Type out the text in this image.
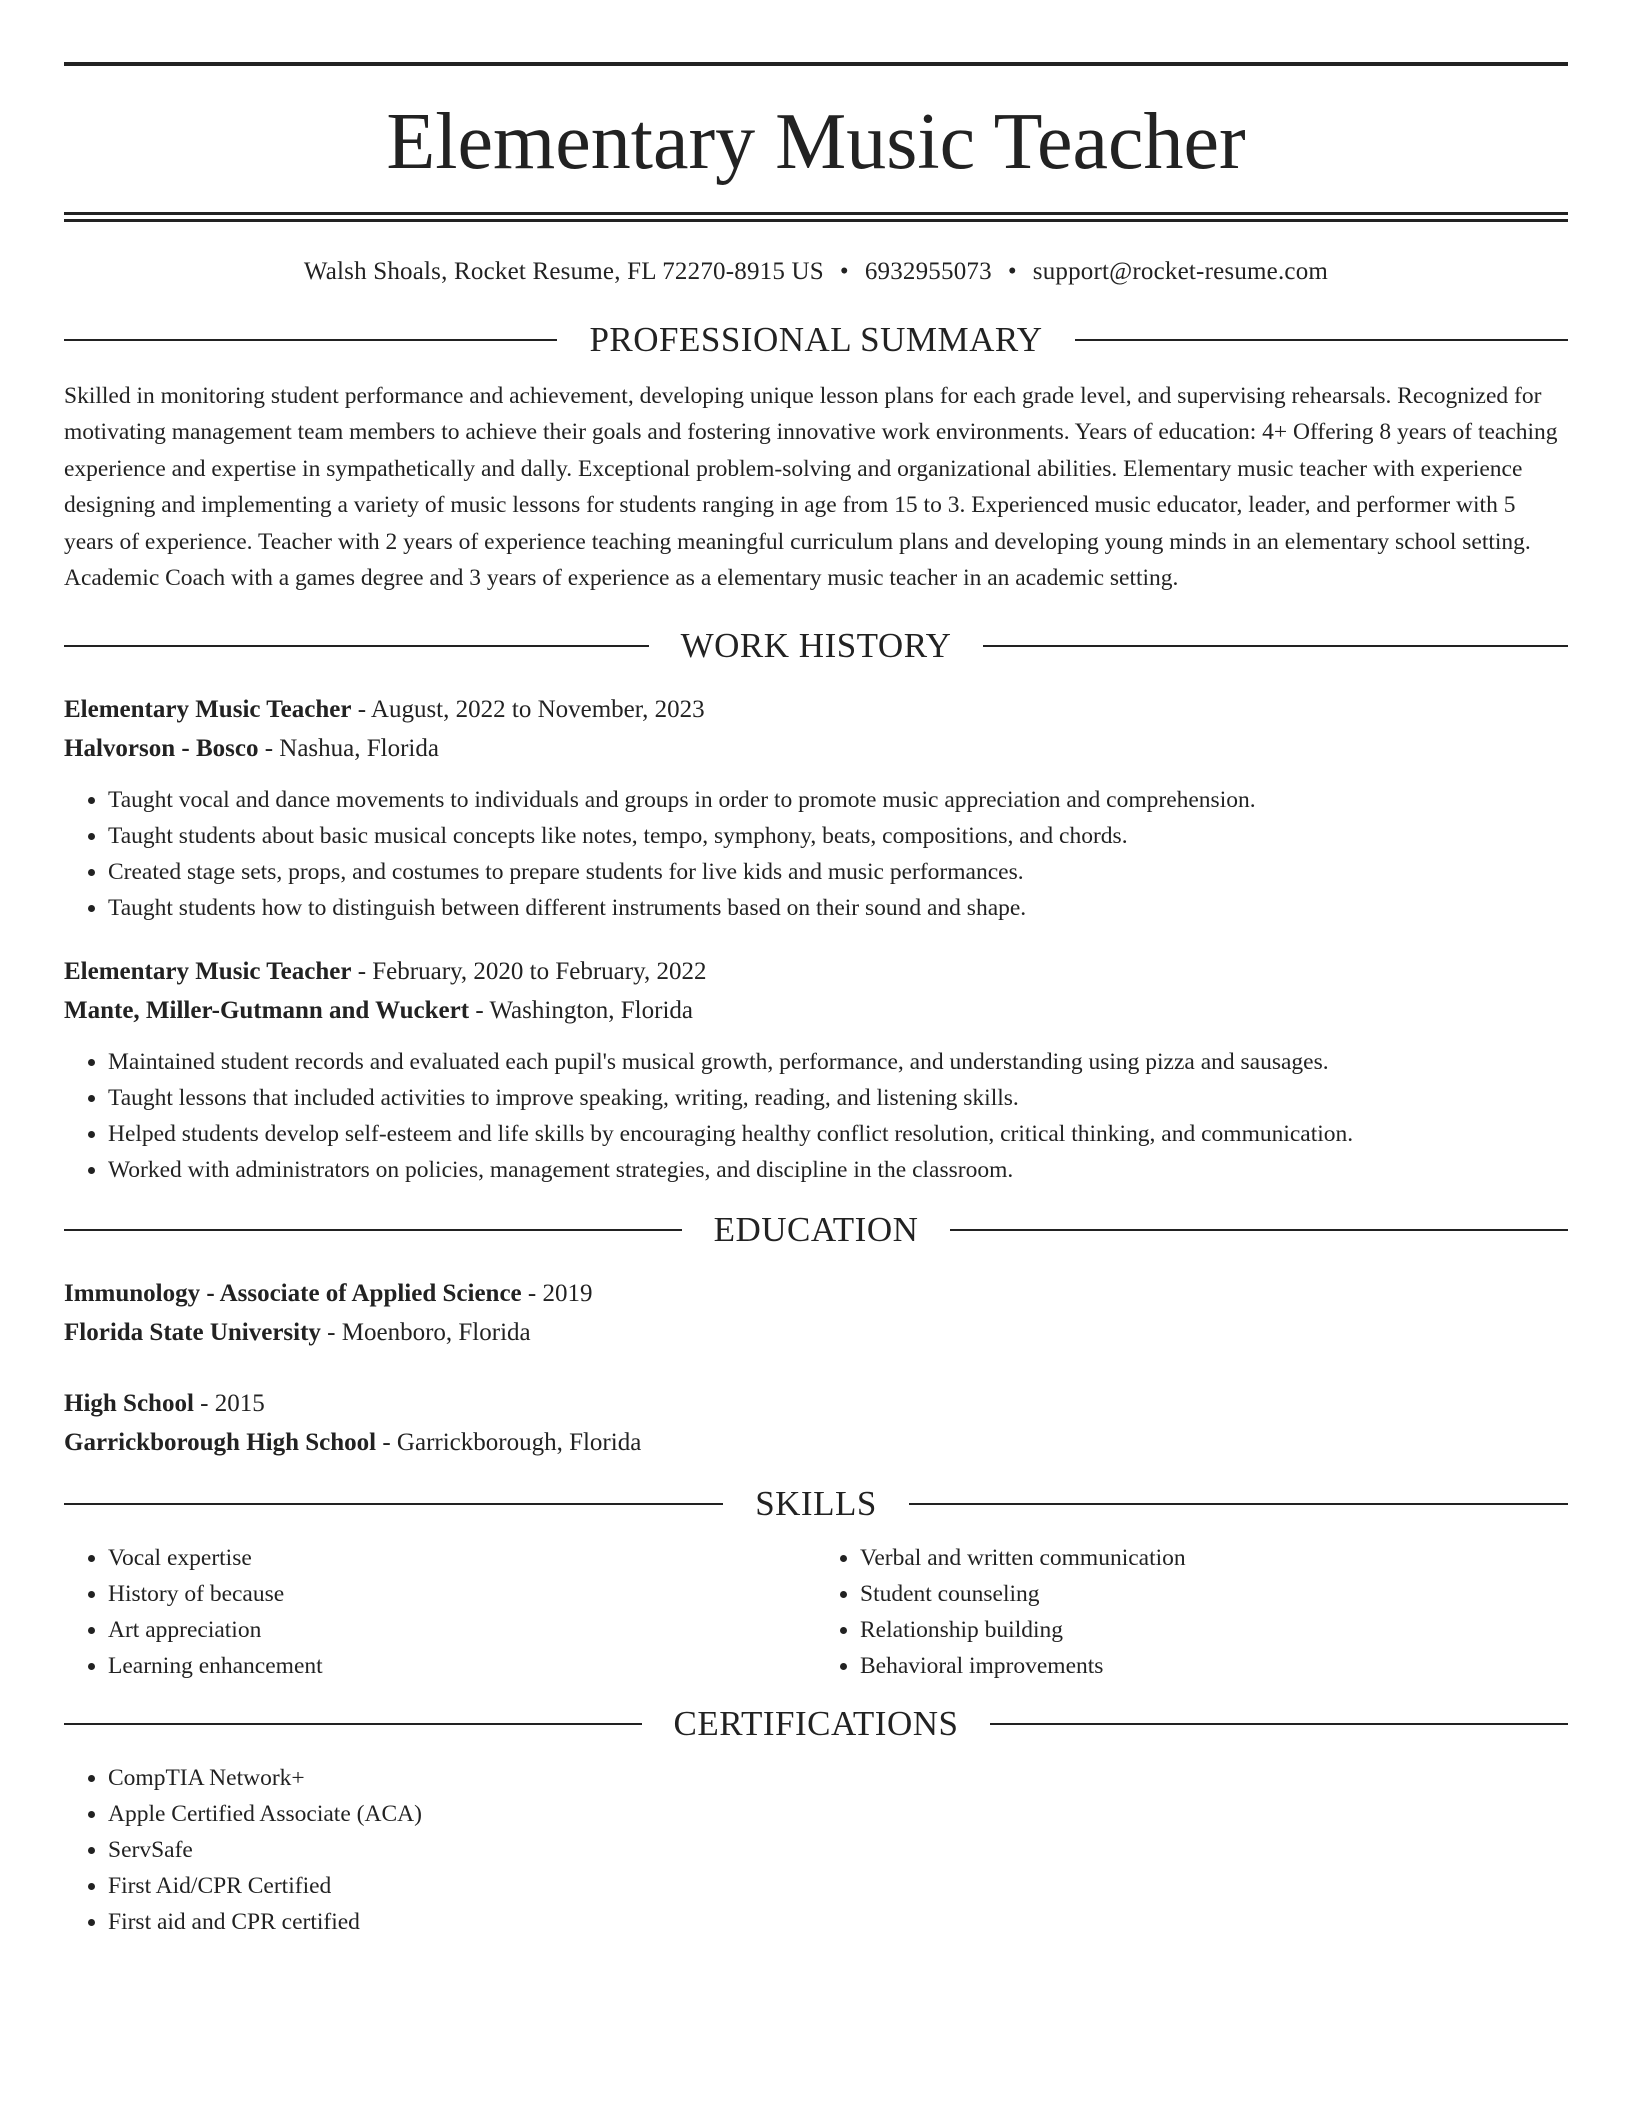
Elementary Music Teacher
Walsh Shoals, Rocket Resume, FL 72270-8915 US • 6932955073 • support@rocket-resume.com
PROFESSIONAL SUMMARY

Skilled in monitoring student performance and achievement, developing unique lesson plans for each grade level, and supervising rehearsals. Recognized for motivating management team members to achieve their goals and fostering innovative work environments. Years of education: 4+ Offering 8 years of teaching experience and expertise in sympathetically and dally. Exceptional problem-solving and organizational abilities. Elementary music teacher with experience designing and implementing a variety of music lessons for students ranging in age from 15 to 3. Experienced music educator, leader, and performer with 5 years of experience. Teacher with 2 years of experience teaching meaningful curriculum plans and developing young minds in an elementary school setting. Academic Coach with a games degree and 3 years of experience as a elementary music teacher in an academic setting.

WORK HISTORY
Elementary Music Teacher - August, 2022 to November, 2023
Halvorson - Bosco - Nashua, Florida
• Taught vocal and dance movements to individuals and groups in order to promote music appreciation and comprehension.
• Taught students about basic musical concepts like notes, tempo, symphony, beats, compositions, and chords.
• Created stage sets, props, and costumes to prepare students for live kids and music performances.
• Taught students how to distinguish between different instruments based on their sound and shape.
Elementary Music Teacher - February, 2020 to February, 2022
Mante, Miller-Gutmann and Wuckert - Washington, Florida
• Maintained student records and evaluated each pupil's musical growth, performance, and understanding using pizza and sausages.
• Taught lessons that included activities to improve speaking, writing, reading, and listening skills.
• Helped students develop self-esteem and life skills by encouraging healthy conflict resolution, critical thinking, and communication.
• Worked with administrators on policies, management strategies, and discipline in the classroom.
EDUCATION
Immunology - Associate of Applied Science - 2019
Florida State University - Moenboro, Florida
High School - 2015
Garrickborough High School - Garrickborough, Florida
SKILLS
• Vocal expertise
• History of because
• Art appreciation
• Learning enhancement
• Verbal and written communication
• Student counseling
• Relationship building
• Behavioral improvements
CERTIFICATIONS
• CompTIA Network+
• Apple Certified Associate (ACA)
• ServSafe
• First Aid/CPR Certified
• First aid and CPR certified
